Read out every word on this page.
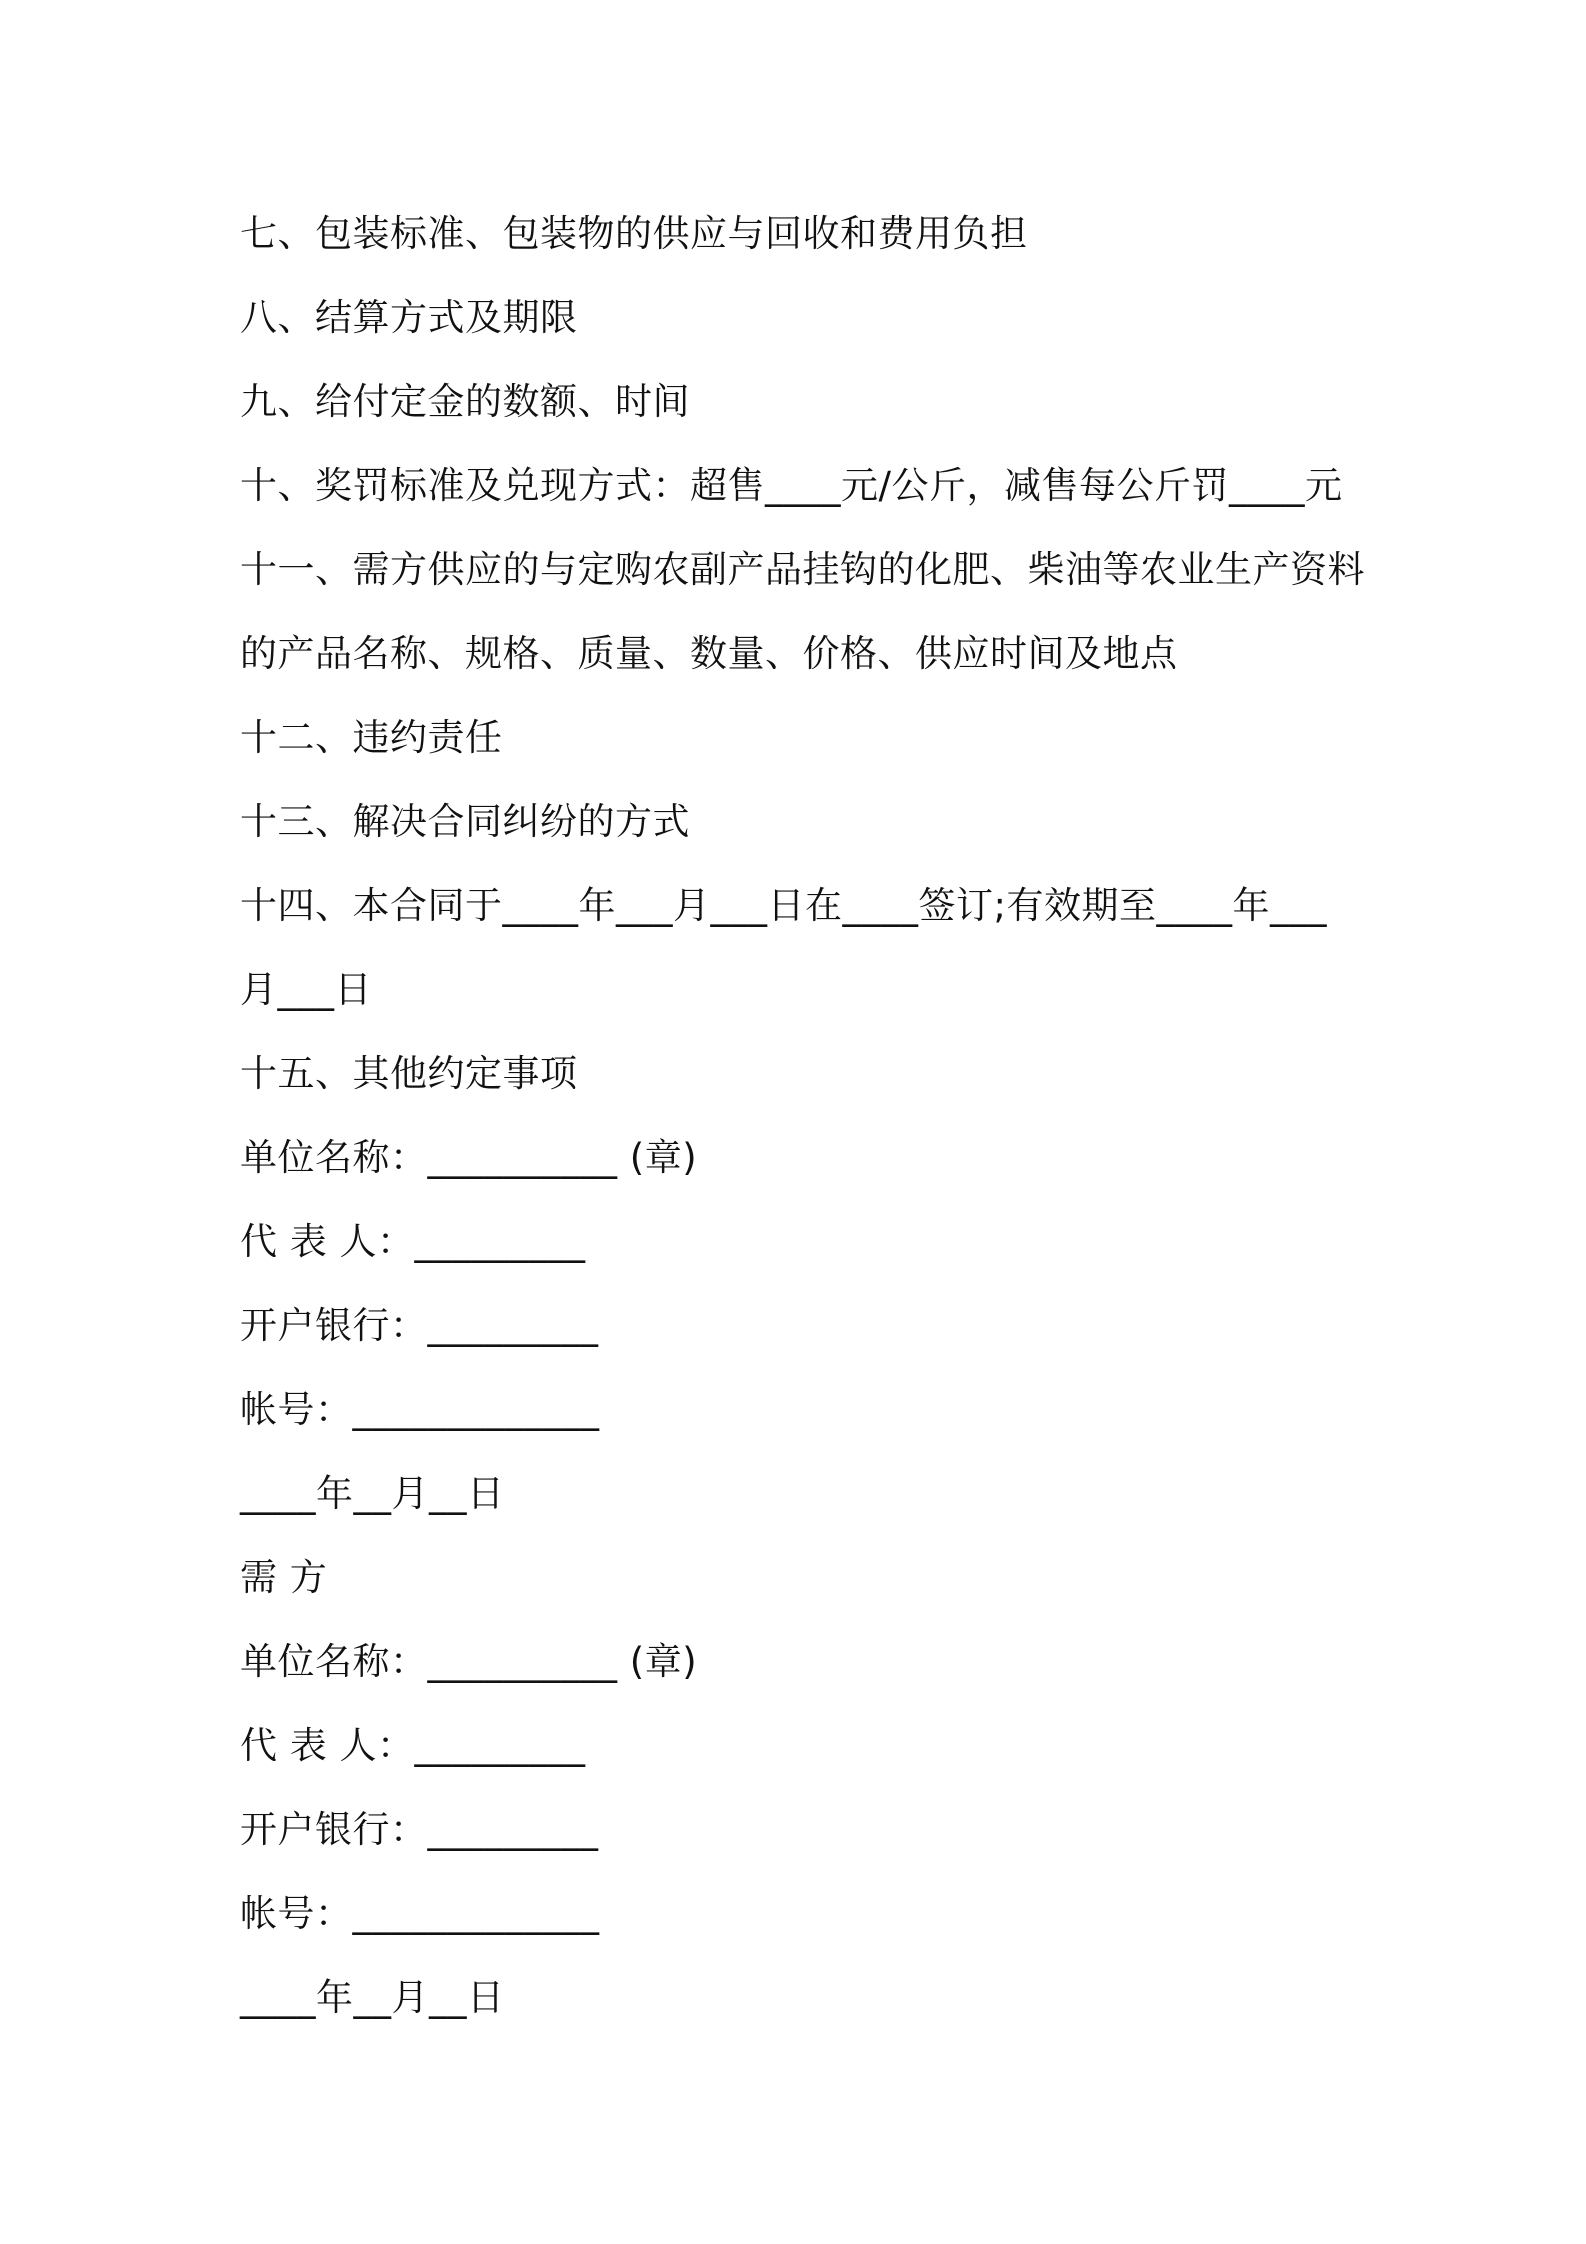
七、包装标准、包装物的供应与回收和费用负担
八、结算方式及期限
九、给付定金的数额、时间
十、奖罚标准及兑现方式：超售____元/公斤，减售每公斤罚____元
十一、需方供应的与定购农副产品挂钩的化肥、柴油等农业生产资料
的产品名称、规格、质量、数量、价格、供应时间及地点
十二、违约责任
十三、解决合同纠纷的方式
十四、本合同于____年___月___日在____签订;有效期至____年___
月___日
十五、其他约定事项
单位名称：__________ (章)
代 表 人：_________
开户银行：_________
帐号：_____________
____年__月__日
需 方
单位名称：__________ (章)
代 表 人：_________
开户银行：_________
帐号：_____________
____年__月__日
